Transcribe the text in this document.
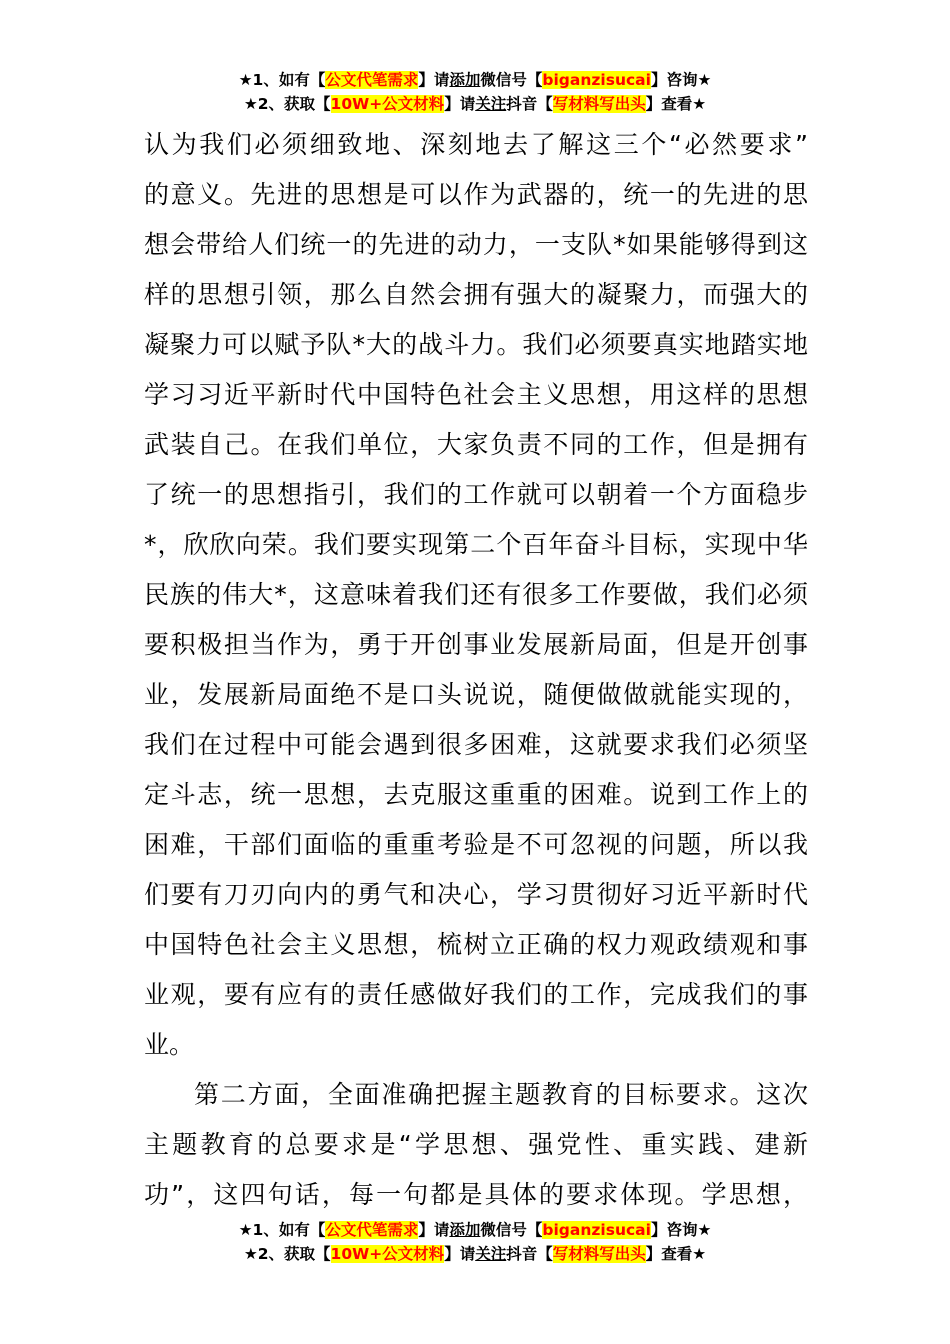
★1、如有【公文代笔需求】请添加微信号【biganzisucai】咨询★
★2、获取【10W+公文材料】请关注抖音【写材料写出头】查看★
认为我们必须细致地、深刻地去了解这三个“必然要求”
的意义。先进的思想是可以作为武器的，统一的先进的思
想会带给人们统一的先进的动力，一支队*如果能够得到这
样的思想引领，那么自然会拥有强大的凝聚力，而强大的
凝聚力可以赋予队*大的战斗力。我们必须要真实地踏实地
学习习近平新时代中国特色社会主义思想，用这样的思想
武装自己。在我们单位，大家负责不同的工作，但是拥有
了统一的思想指引，我们的工作就可以朝着一个方面稳步
*，欣欣向荣。我们要实现第二个百年奋斗目标，实现中华
民族的伟大*，这意味着我们还有很多工作要做，我们必须
要积极担当作为，勇于开创事业发展新局面，但是开创事
业，发展新局面绝不是口头说说，随便做做就能实现的，
我们在过程中可能会遇到很多困难，这就要求我们必须坚
定斗志，统一思想，去克服这重重的困难。说到工作上的
困难，干部们面临的重重考验是不可忽视的问题，所以我
们要有刀刃向内的勇气和决心，学习贯彻好习近平新时代
中国特色社会主义思想，梳树立正确的权力观政绩观和事
业观，要有应有的责任感做好我们的工作，完成我们的事
业。
第二方面，全面准确把握主题教育的目标要求。这次
主题教育的总要求是“学思想、强党性、重实践、建新
功”，这四句话，每一句都是具体的要求体现。学思想，
★1、如有【公文代笔需求】请添加微信号【biganzisucai】咨询★
★2、获取【10W+公文材料】请关注抖音【写材料写出头】查看★
